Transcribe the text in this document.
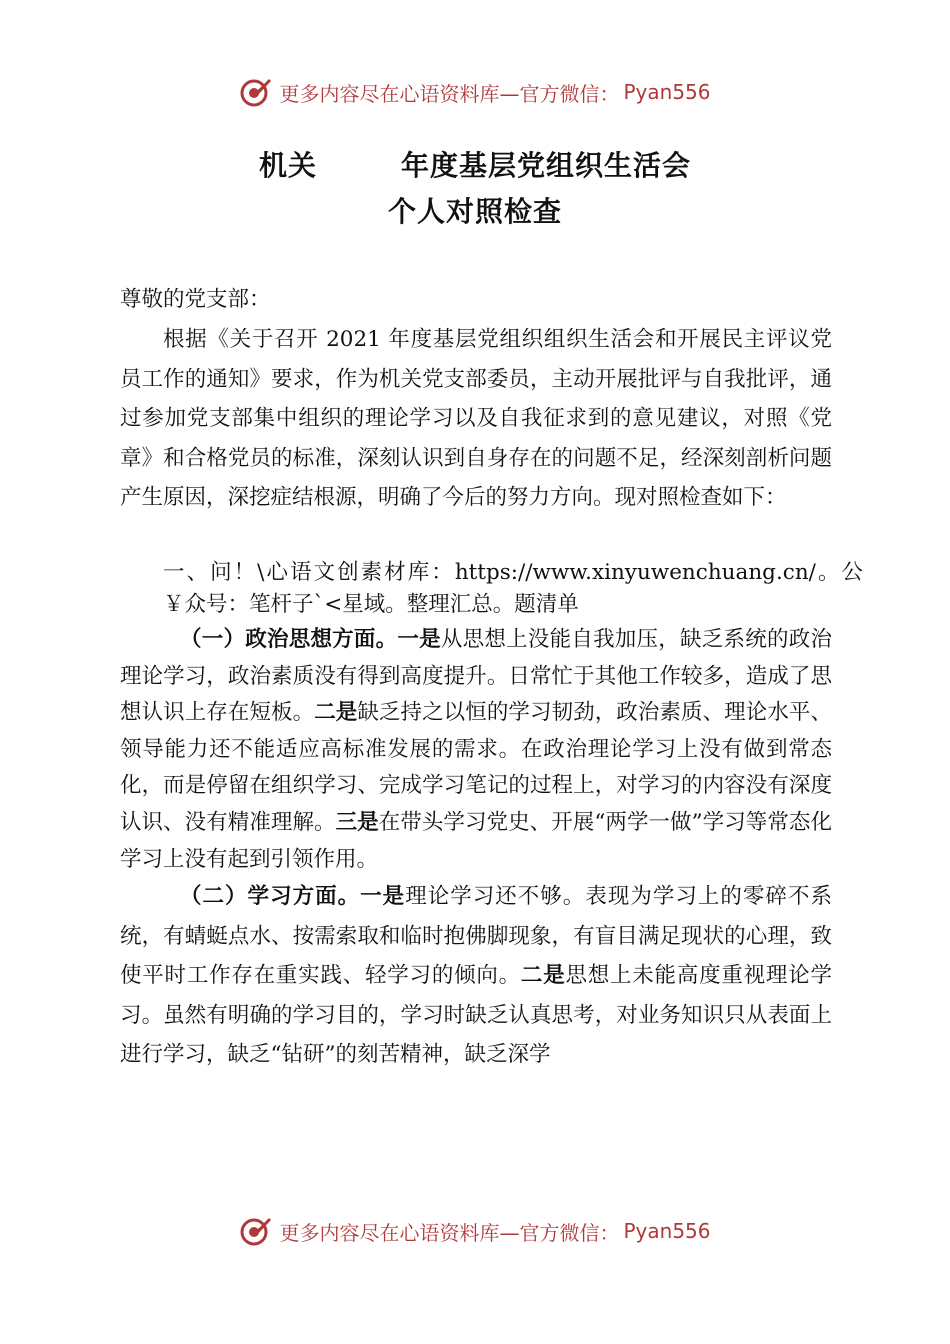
更多内容尽在心语资料库—官方微信： Pyan556
机关	年度基层党组织生活会
个人对照检查
尊敬的党支部：
根据《关于召开 2021 年度基层党组织组织生活会和开展民主评议党员工作的通知》要求，作为机关党支部委员，主动开展批评与自我批评，通过参加党支部集中组织的理论学习以及自我征求到的意见建议，对照《党章》和合格党员的标准，深刻认识到自身存在的问题不足，经深刻剖析问题产生原因，深挖症结根源，明确了今后的努力方向。现对照检查如下：
一、问！\心语文创素材库：https://www.xinyuwenchuang.cn/。公￥众号：笔杆子`<星域。整理汇总。题清单
（一）政治思想方面。一是从思想上没能自我加压，缺乏系统的政治理论学习，政治素质没有得到高度提升。日常忙于其他工作较多，造成了思想认识上存在短板。二是缺乏持之以恒的学习韧劲，政治素质、理论水平、领导能力还不能适应高标准发展的需求。在政治理论学习上没有做到常态化，而是停留在组织学习、完成学习笔记的过程上，对学习的内容没有深度认识、没有精准理解。三是在带头学习党史、开展“两学一做”学习等常态化学习上没有起到引领作用。
（二）学习方面。一是理论学习还不够。表现为学习上的零碎不系统，有蜻蜓点水、按需索取和临时抱佛脚现象，有盲目满足现状的心理，致使平时工作存在重实践、轻学习的倾向。二是思想上未能高度重视理论学习。虽然有明确的学习目的，学习时缺乏认真思考，对业务知识只从表面上进行学习，缺乏“钻研”的刻苦精神，缺乏深学
更多内容尽在心语资料库—官方微信： Pyan556
